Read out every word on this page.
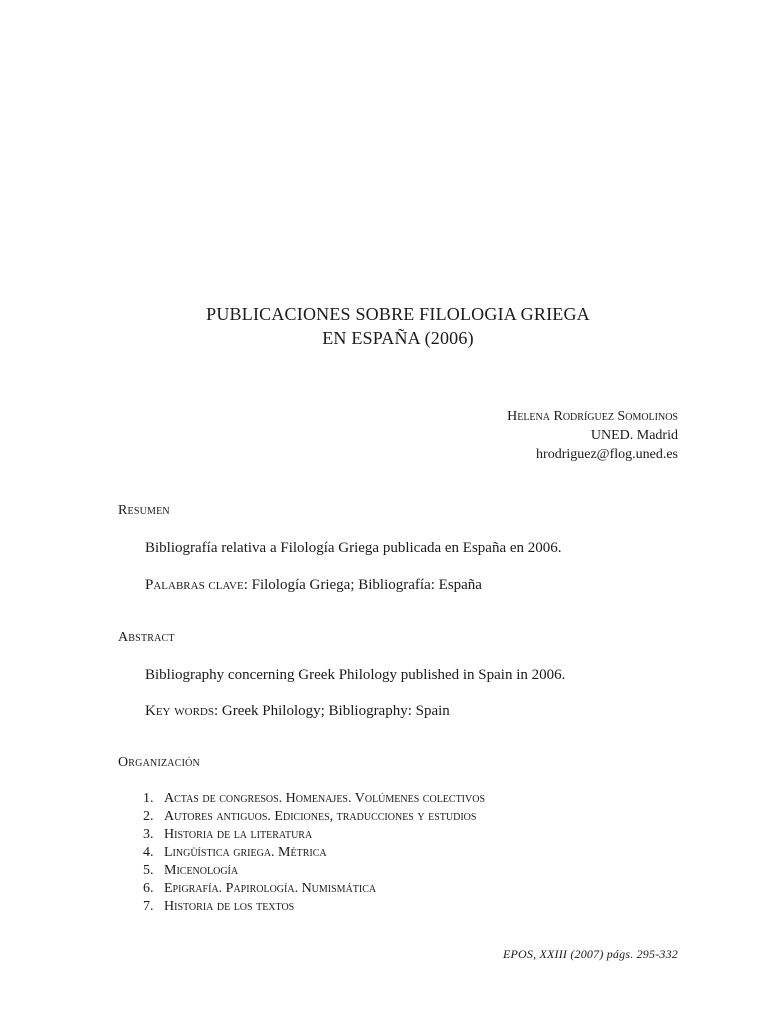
PUBLICACIONES SOBRE FILOLOGIA GRIEGA
EN ESPAÑA (2006)
Helena Rodríguez Somolinos
UNED. Madrid
hrodriguez@flog.uned.es
Resumen
Bibliografía relativa a Filología Griega publicada en España en 2006.
Palabras clave: Filología Griega; Bibliografía: España
Abstract
Bibliography concerning Greek Philology published in Spain in 2006.
Key words: Greek Philology; Bibliography: Spain
Organización
1. Actas de congresos. Homenajes. Volúmenes colectivos
2. Autores antiguos. Ediciones, traducciones y estudios
3. Historia de la literatura
4. Lingüística griega. Métrica
5. Micenología
6. Epigrafía. Papirología. Numismática
7. Historia de los textos
EPOS, XXIII (2007) págs. 295-332
